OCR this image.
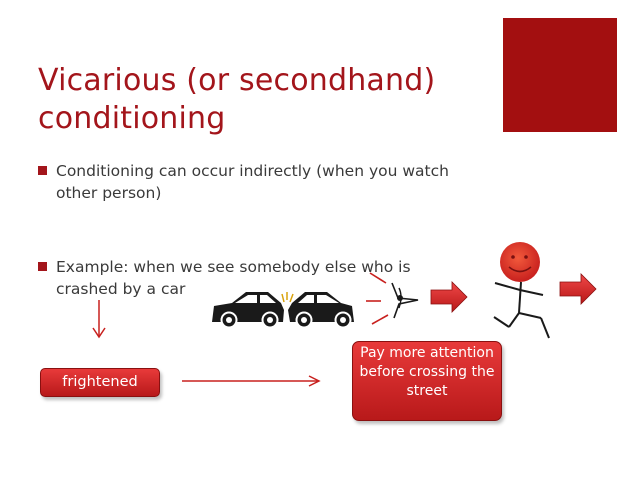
Vicarious (or secondhand)
conditioning
Conditioning can occur indirectly (when you watch other person)
Example: when we see somebody else who is crashed by a car
frightened
Pay more attention before crossing the street
